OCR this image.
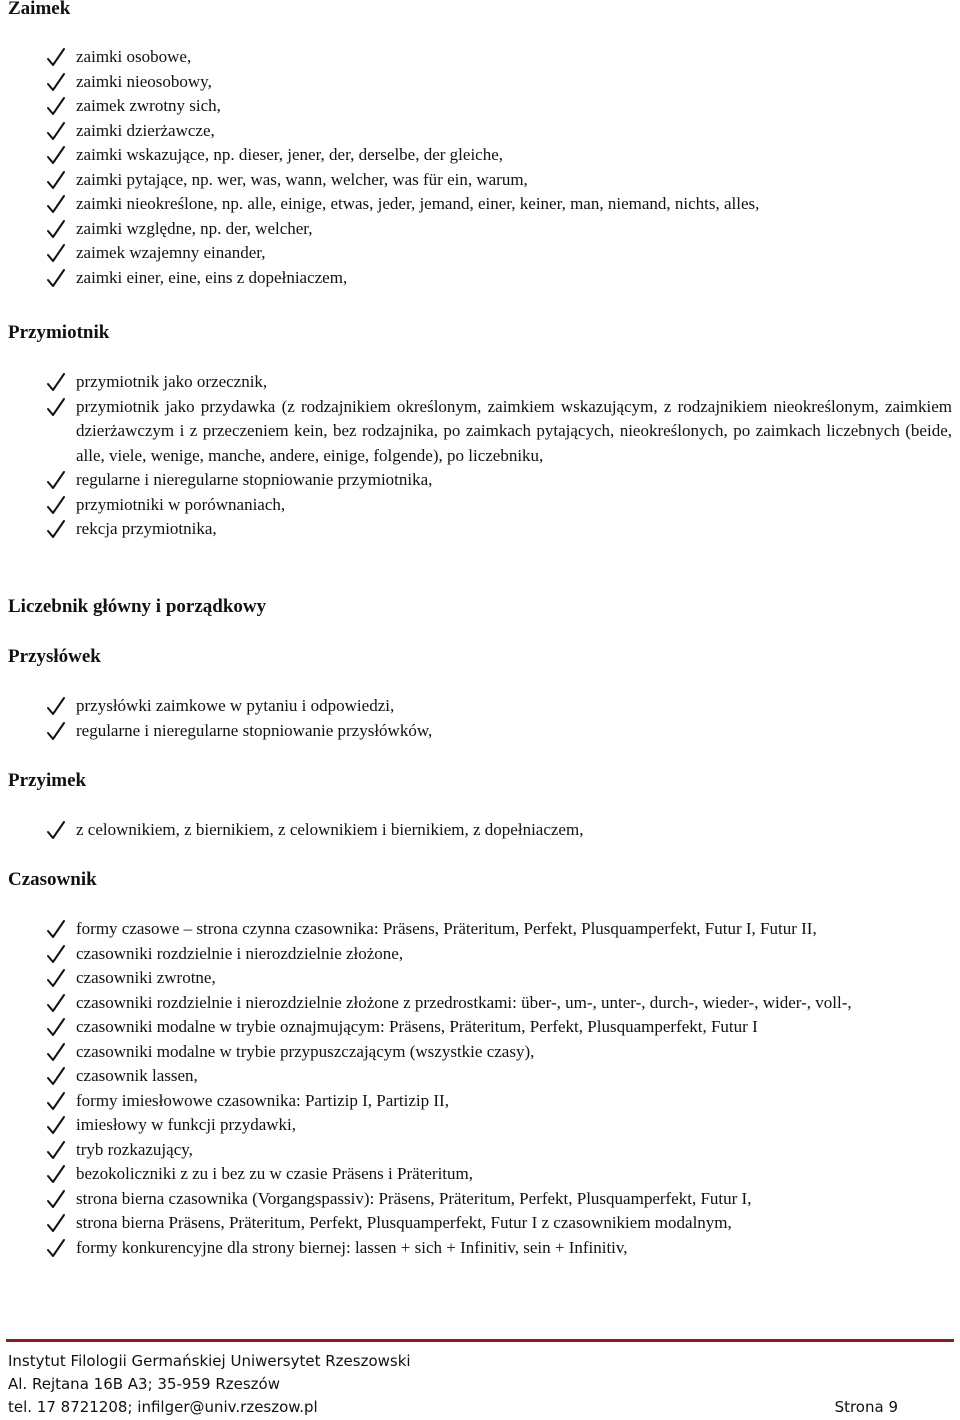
Zaimek
zaimki osobowe,
zaimki nieosobowy,
zaimek zwrotny sich,
zaimki dzierżawcze,
zaimki wskazujące, np. dieser, jener, der, derselbe, der gleiche,
zaimki pytające, np. wer, was, wann, welcher, was für ein, warum,
zaimki nieokreślone, np. alle, einige, etwas, jeder, jemand, einer, keiner, man, niemand, nichts, alles,
zaimki względne, np. der, welcher,
zaimek wzajemny einander,
zaimki einer, eine, eins z dopełniaczem,
Przymiotnik
przymiotnik jako orzecznik,
przymiotnik jako przydawka (z rodzajnikiem określonym, zaimkiem wskazującym, z rodzajnikiem nieokreślonym, zaimkiem dzierżawczym i z przeczeniem kein, bez rodzajnika, po zaimkach pytających, nieokreślonych, po zaimkach liczebnych (beide, alle, viele, wenige, manche, andere, einige, folgende), po liczebniku,
regularne i nieregularne stopniowanie przymiotnika,
przymiotniki w porównaniach,
rekcja przymiotnika,
Liczebnik główny i porządkowy
Przysłówek
przysłówki zaimkowe w pytaniu i odpowiedzi,
regularne i nieregularne stopniowanie przysłówków,
Przyimek
z celownikiem, z biernikiem, z celownikiem i biernikiem, z dopełniaczem,
Czasownik
formy czasowe – strona czynna czasownika: Präsens, Präteritum, Perfekt, Plusquamperfekt, Futur I, Futur II,
czasowniki rozdzielnie i nierozdzielnie złożone,
czasowniki zwrotne,
czasowniki rozdzielnie i nierozdzielnie złożone z przedrostkami: über-, um-, unter-, durch-, wieder-, wider-, voll-,
czasowniki modalne w trybie oznajmującym: Präsens, Präteritum, Perfekt, Plusquamperfekt, Futur I
czasowniki modalne w trybie przypuszczającym (wszystkie czasy),
czasownik lassen,
formy imiesłowowe czasownika: Partizip I, Partizip II,
imiesłowy w funkcji przydawki,
tryb rozkazujący,
bezokoliczniki z zu i bez zu w czasie Präsens i Präteritum,
strona bierna czasownika (Vorgangspassiv): Präsens, Präteritum, Perfekt, Plusquamperfekt, Futur I,
strona bierna Präsens, Präteritum, Perfekt, Plusquamperfekt, Futur I z czasownikiem modalnym,
formy konkurencyjne dla strony biernej: lassen + sich + Infinitiv, sein + Infinitiv,
Instytut Filologii Germańskiej Uniwersytet Rzeszowski
Al. Rejtana 16B A3; 35-959 Rzeszów
tel. 17 8721208; infilger@univ.rzeszow.pl	Strona 9
